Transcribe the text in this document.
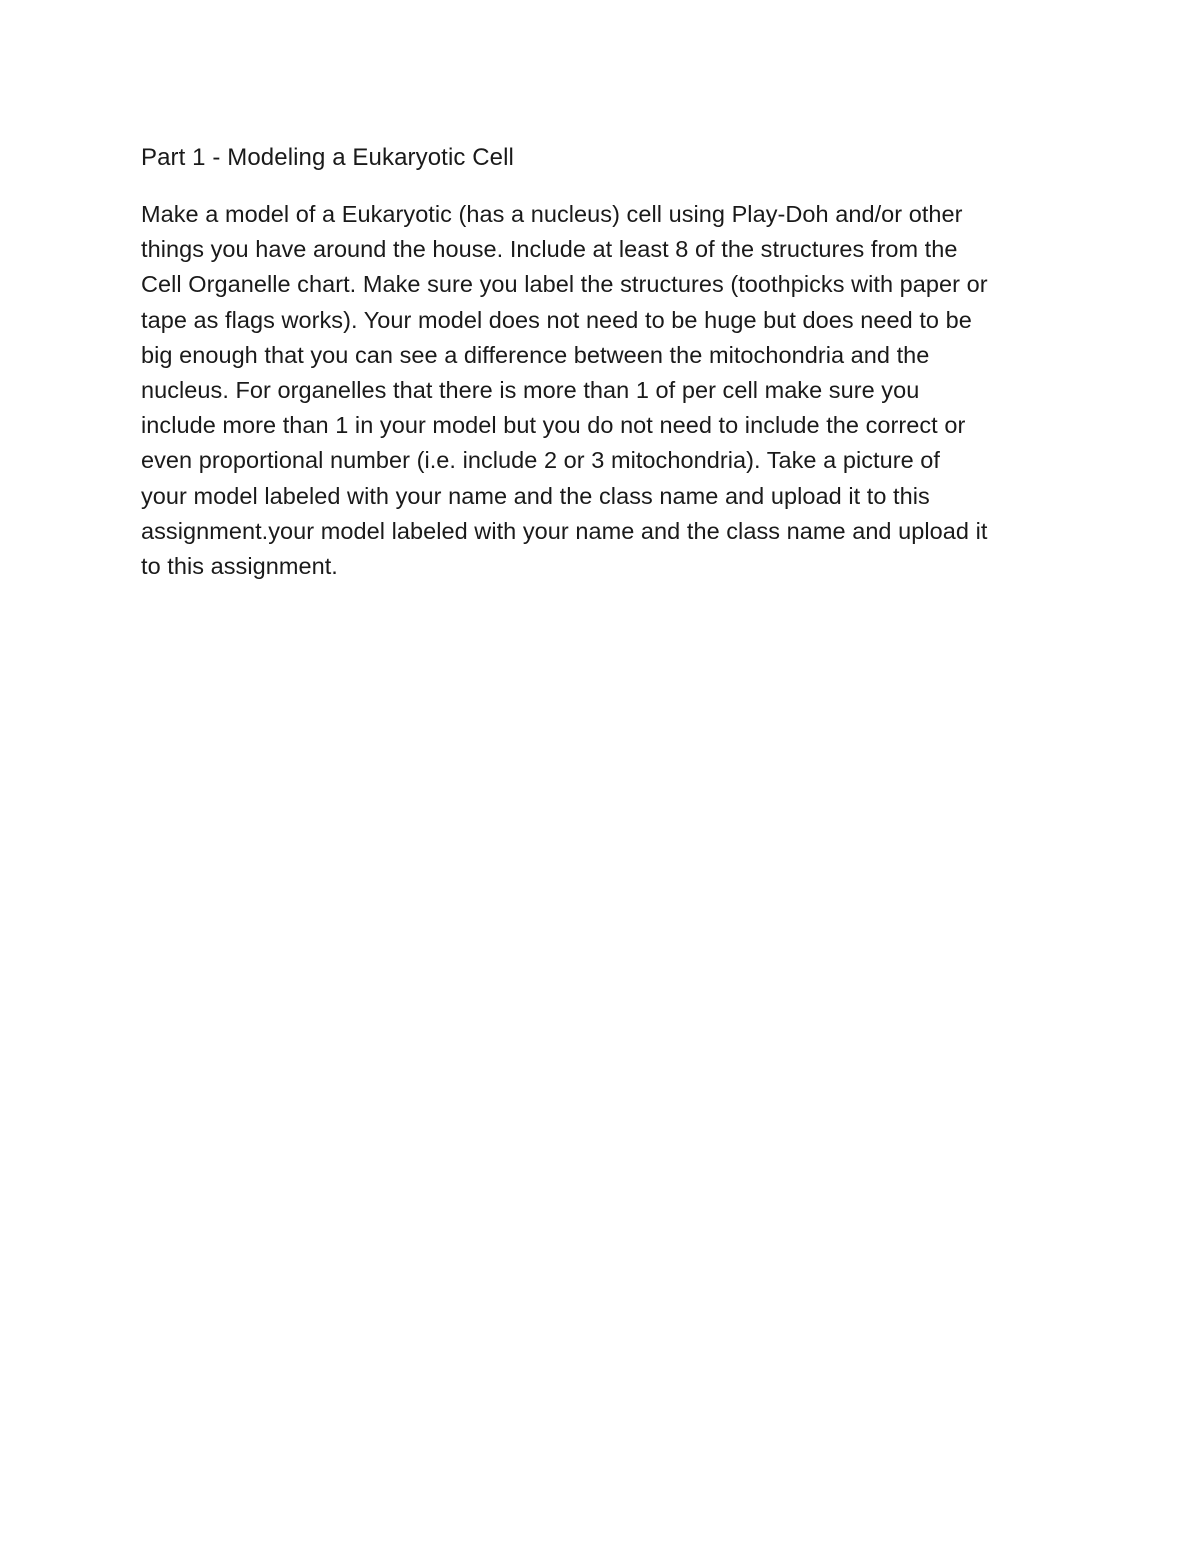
Part 1 - Modeling a Eukaryotic Cell

Make a model of a Eukaryotic (has a nucleus) cell using Play-Doh and/or other
things you have around the house. Include at least 8 of the structures from the
Cell Organelle chart. Make sure you label the structures (toothpicks with paper or
tape as flags works). Your model does not need to be huge but does need to be
big enough that you can see a difference between the mitochondria and the
nucleus. For organelles that there is more than 1 of per cell make sure you
include more than 1 in your model but you do not need to include the correct or
even proportional number (i.e. include 2 or 3 mitochondria). Take a picture of
your model labeled with your name and the class name and upload it to this
assignment.your model labeled with your name and the class name and upload it
to this assignment.
